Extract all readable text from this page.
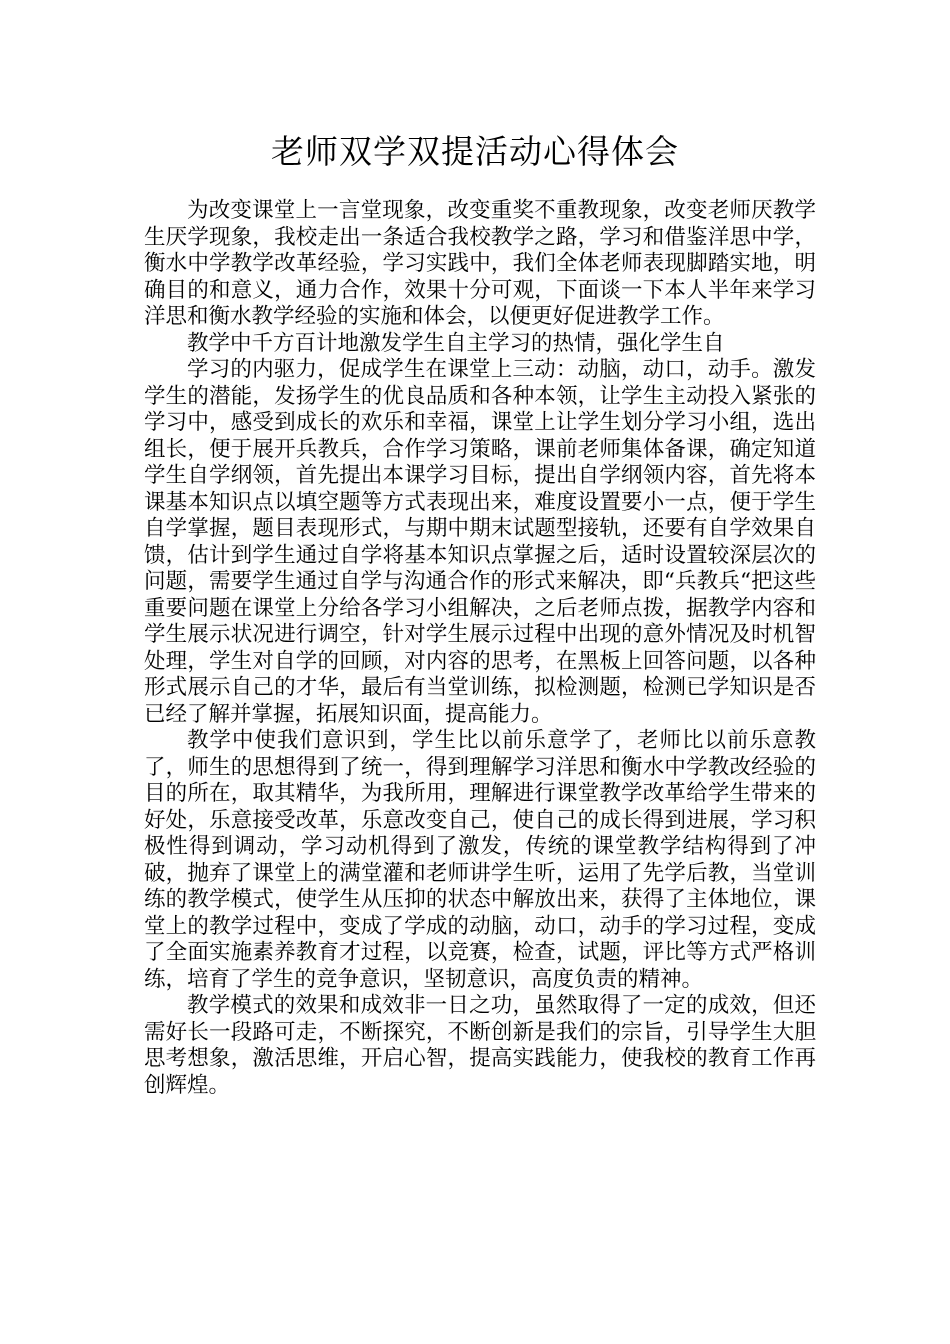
老师双学双提活动心得体会

为改变课堂上一言堂现象，改变重奖不重教现象，改变老师厌教学生厌学现象，我校走出一条适合我校教学之路，学习和借鉴洋思中学，衡水中学教学改革经验，学习实践中，我们全体老师表现脚踏实地，明确目的和意义，通力合作，效果十分可观，下面谈一下本人半年来学习洋思和衡水教学经验的实施和体会，以便更好促进教学工作。

教学中千方百计地激发学生自主学习的热情，强化学生自

学习的内驱力，促成学生在课堂上三动：动脑，动口，动手。激发学生的潜能，发扬学生的优良品质和各种本领，让学生主动投入紧张的学习中，感受到成长的欢乐和幸福，课堂上让学生划分学习小组，选出组长，便于展开兵教兵，合作学习策略，课前老师集体备课，确定知道学生自学纲领，首先提出本课学习目标，提出自学纲领内容，首先将本课基本知识点以填空题等方式表现出来，难度设置要小一点，便于学生自学掌握，题目表现形式，与期中期末试题型接轨，还要有自学效果自馈，估计到学生通过自学将基本知识点掌握之后，适时设置较深层次的问题，需要学生通过自学与沟通合作的形式来解决，即“兵教兵“把这些重要问题在课堂上分给各学习小组解决，之后老师点拨，据教学内容和学生展示状况进行调空，针对学生展示过程中出现的意外情况及时机智处理，学生对自学的回顾，对内容的思考，在黑板上回答问题，以各种形式展示自己的才华，最后有当堂训练，拟检测题，检测已学知识是否已经了解并掌握，拓展知识面，提高能力。

教学中使我们意识到，学生比以前乐意学了，老师比以前乐意教了，师生的思想得到了统一，得到理解学习洋思和衡水中学教改经验的目的所在，取其精华，为我所用，理解进行课堂教学改革给学生带来的好处，乐意接受改革，乐意改变自己，使自己的成长得到进展，学习积极性得到调动，学习动机得到了激发，传统的课堂教学结构得到了冲破，抛弃了课堂上的满堂灌和老师讲学生听，运用了先学后教，当堂训练的教学模式，使学生从压抑的状态中解放出来，获得了主体地位，课堂上的教学过程中，变成了学成的动脑，动口，动手的学习过程，变成了全面实施素养教育才过程，以竞赛，检查，试题，评比等方式严格训练，培育了学生的竞争意识，坚韧意识，高度负责的精神。

教学模式的效果和成效非一日之功，虽然取得了一定的成效，但还需好长一段路可走，不断探究，不断创新是我们的宗旨，引导学生大胆思考想象，激活思维，开启心智，提高实践能力，使我校的教育工作再创辉煌。
